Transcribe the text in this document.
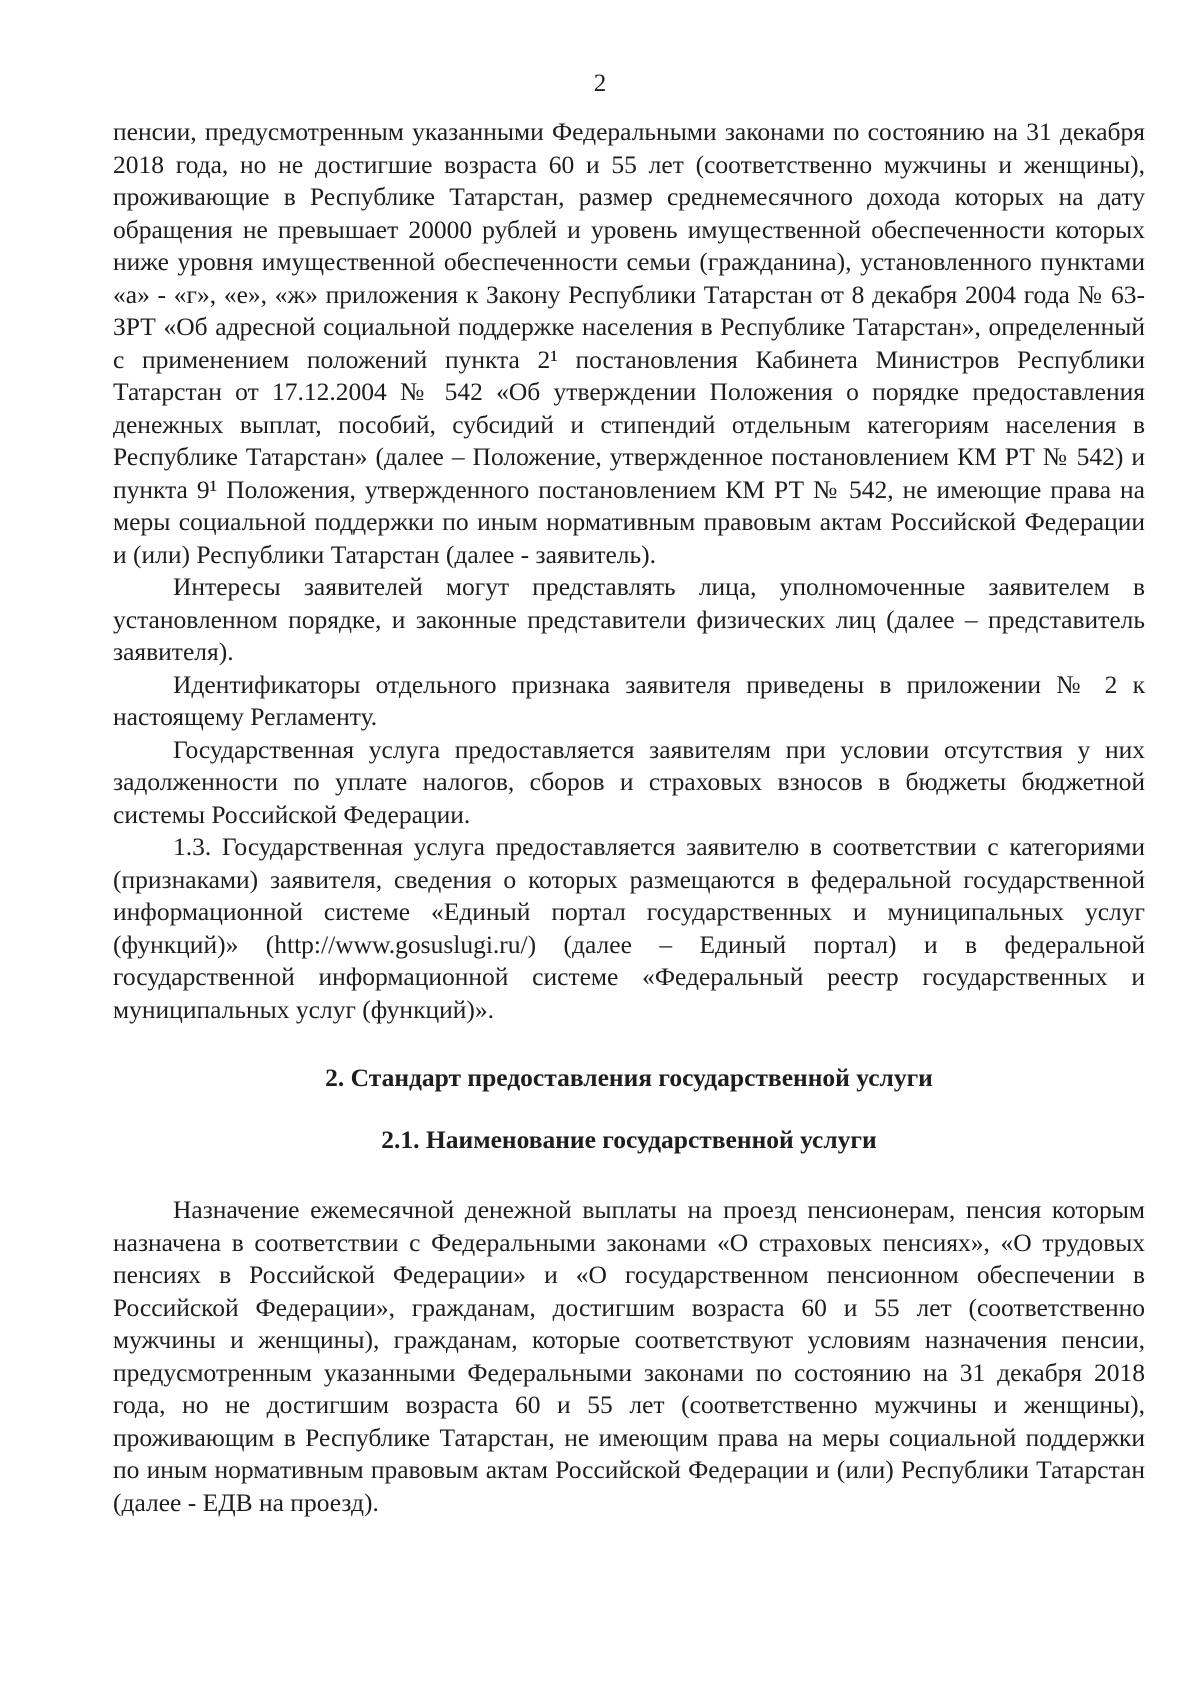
2

пенсии, предусмотренным указанными Федеральными законами по состоянию на 31 декабря 2018 года, но не достигшие возраста 60 и 55 лет (соответственно мужчины и женщины), проживающие в Республике Татарстан, размер среднемесячного дохода которых на дату обращения не превышает 20000 рублей и уровень имущественной обеспеченности которых ниже уровня имущественной обеспеченности семьи (гражданина), установленного пунктами «а» - «г», «е», «ж» приложения к Закону Республики Татарстан от 8 декабря 2004 года № 63-ЗРТ «Об адресной социальной поддержке населения в Республике Татарстан», определенный с применением положений пункта 2¹ постановления Кабинета Министров Республики Татарстан от 17.12.2004 № 542 «Об утверждении Положения о порядке предоставления денежных выплат, пособий, субсидий и стипендий отдельным категориям населения в Республике Татарстан» (далее – Положение, утвержденное постановлением КМ РТ № 542) и пункта 9¹ Положения, утвержденного постановлением КМ РТ № 542, не имеющие права на меры социальной поддержки по иным нормативным правовым актам Российской Федерации и (или) Республики Татарстан (далее - заявитель).

Интересы заявителей могут представлять лица, уполномоченные заявителем в установленном порядке, и законные представители физических лиц (далее – представитель заявителя).

Идентификаторы отдельного признака заявителя приведены в приложении № 2 к настоящему Регламенту.

Государственная услуга предоставляется заявителям при условии отсутствия у них задолженности по уплате налогов, сборов и страховых взносов в бюджеты бюджетной системы Российской Федерации.

1.3. Государственная услуга предоставляется заявителю в соответствии с категориями (признаками) заявителя, сведения о которых размещаются в федеральной государственной информационной системе «Единый портал государственных и муниципальных услуг (функций)» (http://www.gosuslugi.ru/) (далее – Единый портал) и в федеральной государственной информационной системе «Федеральный реестр государственных и муниципальных услуг (функций)».

2. Стандарт предоставления государственной услуги
2.1. Наименование государственной услуги

Назначение ежемесячной денежной выплаты на проезд пенсионерам, пенсия которым назначена в соответствии с Федеральными законами «О страховых пенсиях», «О трудовых пенсиях в Российской Федерации» и «О государственном пенсионном обеспечении в Российской Федерации», гражданам, достигшим возраста 60 и 55 лет (соответственно мужчины и женщины), гражданам, которые соответствуют условиям назначения пенсии, предусмотренным указанными Федеральными законами по состоянию на 31 декабря 2018 года, но не достигшим возраста 60 и 55 лет (соответственно мужчины и женщины), проживающим в Республике Татарстан, не имеющим права на меры социальной поддержки по иным нормативным правовым актам Российской Федерации и (или) Республики Татарстан (далее - ЕДВ на проезд).
